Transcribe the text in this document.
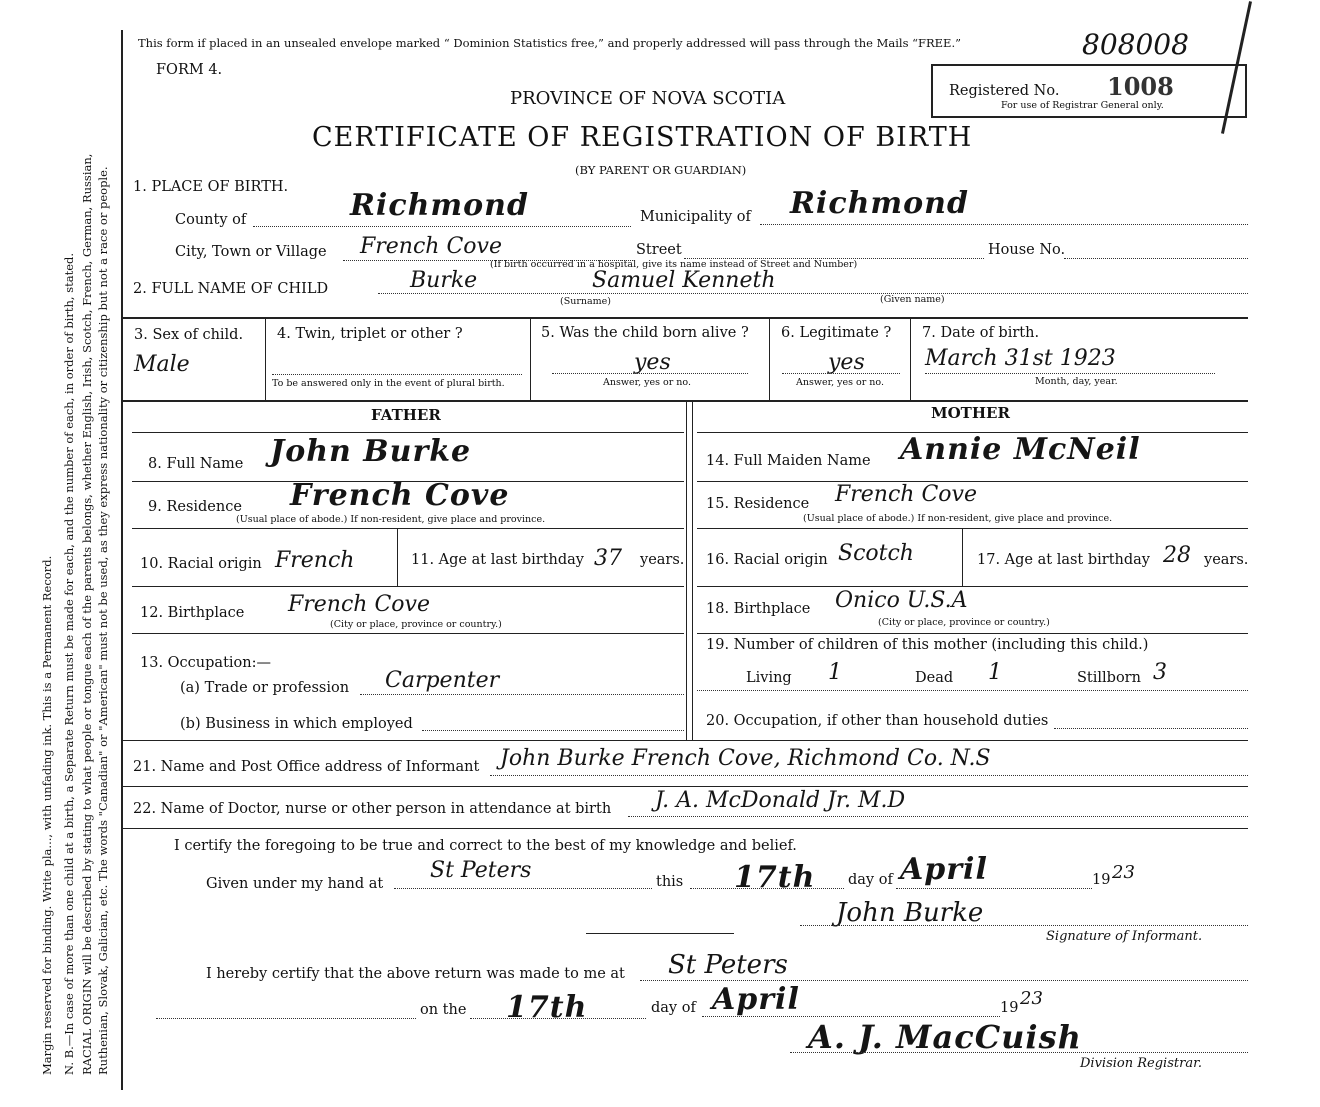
Margin reserved for binding. Write pla..., with unfading ink. This is a Permanent Record. N. B.—In case of more than one child at a birth, a Separate Return must be made for each, and the number of each, in order of birth, stated. RACIAL ORIGIN will be described by stating to what people or tongue each of the parents belongs, whether English, Irish, Scotch, French, German, Russian, Ruthenian, Slovak, Galician, etc. The words "Canadian" or "American" must not be used, as they express nationality or citizenship but not a race or people.
This form if placed in an unsealed envelope marked “ Dominion Statistics free,” and properly addressed will pass through the Mails “FREE.”	808008
FORM 4.
PROVINCE OF NOVA SCOTIA
CERTIFICATE OF REGISTRATION OF BIRTH
(BY PARENT OR GUARDIAN)
Registered No. 1008
For use of Registrar General only.
1. PLACE OF BIRTH.
County of	Richmond	Municipality of Richmond
City, Town or Village French Cove	Street	House No.
(If birth occurred in a hospital, give its name instead of Street and Number)
2. FULL NAME OF CHILD	Burke	Samuel Kenneth
(Surname)	(Given name)
3. Sex of child.
Male
4. Twin, triplet or other ?
To be answered only in the event of plural birth.
5. Was the child born alive ?
yes
Answer, yes or no.
6. Legitimate ?
yes
Answer, yes or no.
7. Date of birth.
March 31st 1923
Month, day, year.
FATHER	MOTHER
8. Full Name John Burke
9. Residence French Cove
(Usual place of abode.) If non-resident, give place and province.
10. Racial origin French	11. Age at last birthday 37 years.
12. Birthplace French Cove
(City or place, province or country.)
13. Occupation:—
(a) Trade or profession Carpenter
(b) Business in which employed
14. Full Maiden Name Annie McNeil
15. Residence French Cove
(Usual place of abode.) If non-resident, give place and province.
16. Racial origin Scotch	17. Age at last birthday 28 years.
18. Birthplace Onico U.S.A
(City or place, province or country.)
19. Number of children of this mother (including this child.)
Living 1	Dead 1	Stillborn 3
20. Occupation, if other than household duties
21. Name and Post Office address of Informant John Burke French Cove, Richmond Co. N.S
22. Name of Doctor, nurse or other person in attendance at birth J. A. McDonald Jr. M.D
I certify the foregoing to be true and correct to the best of my knowledge and belief.
Given under my hand at
St Peters	this 17th day of April	19 23
John Burke
Signature of Informant.
I hereby certify that the above return was made to me at St Peters
on the 17th	day of April	19 23
A. J. MacCuish
Division Registrar.
